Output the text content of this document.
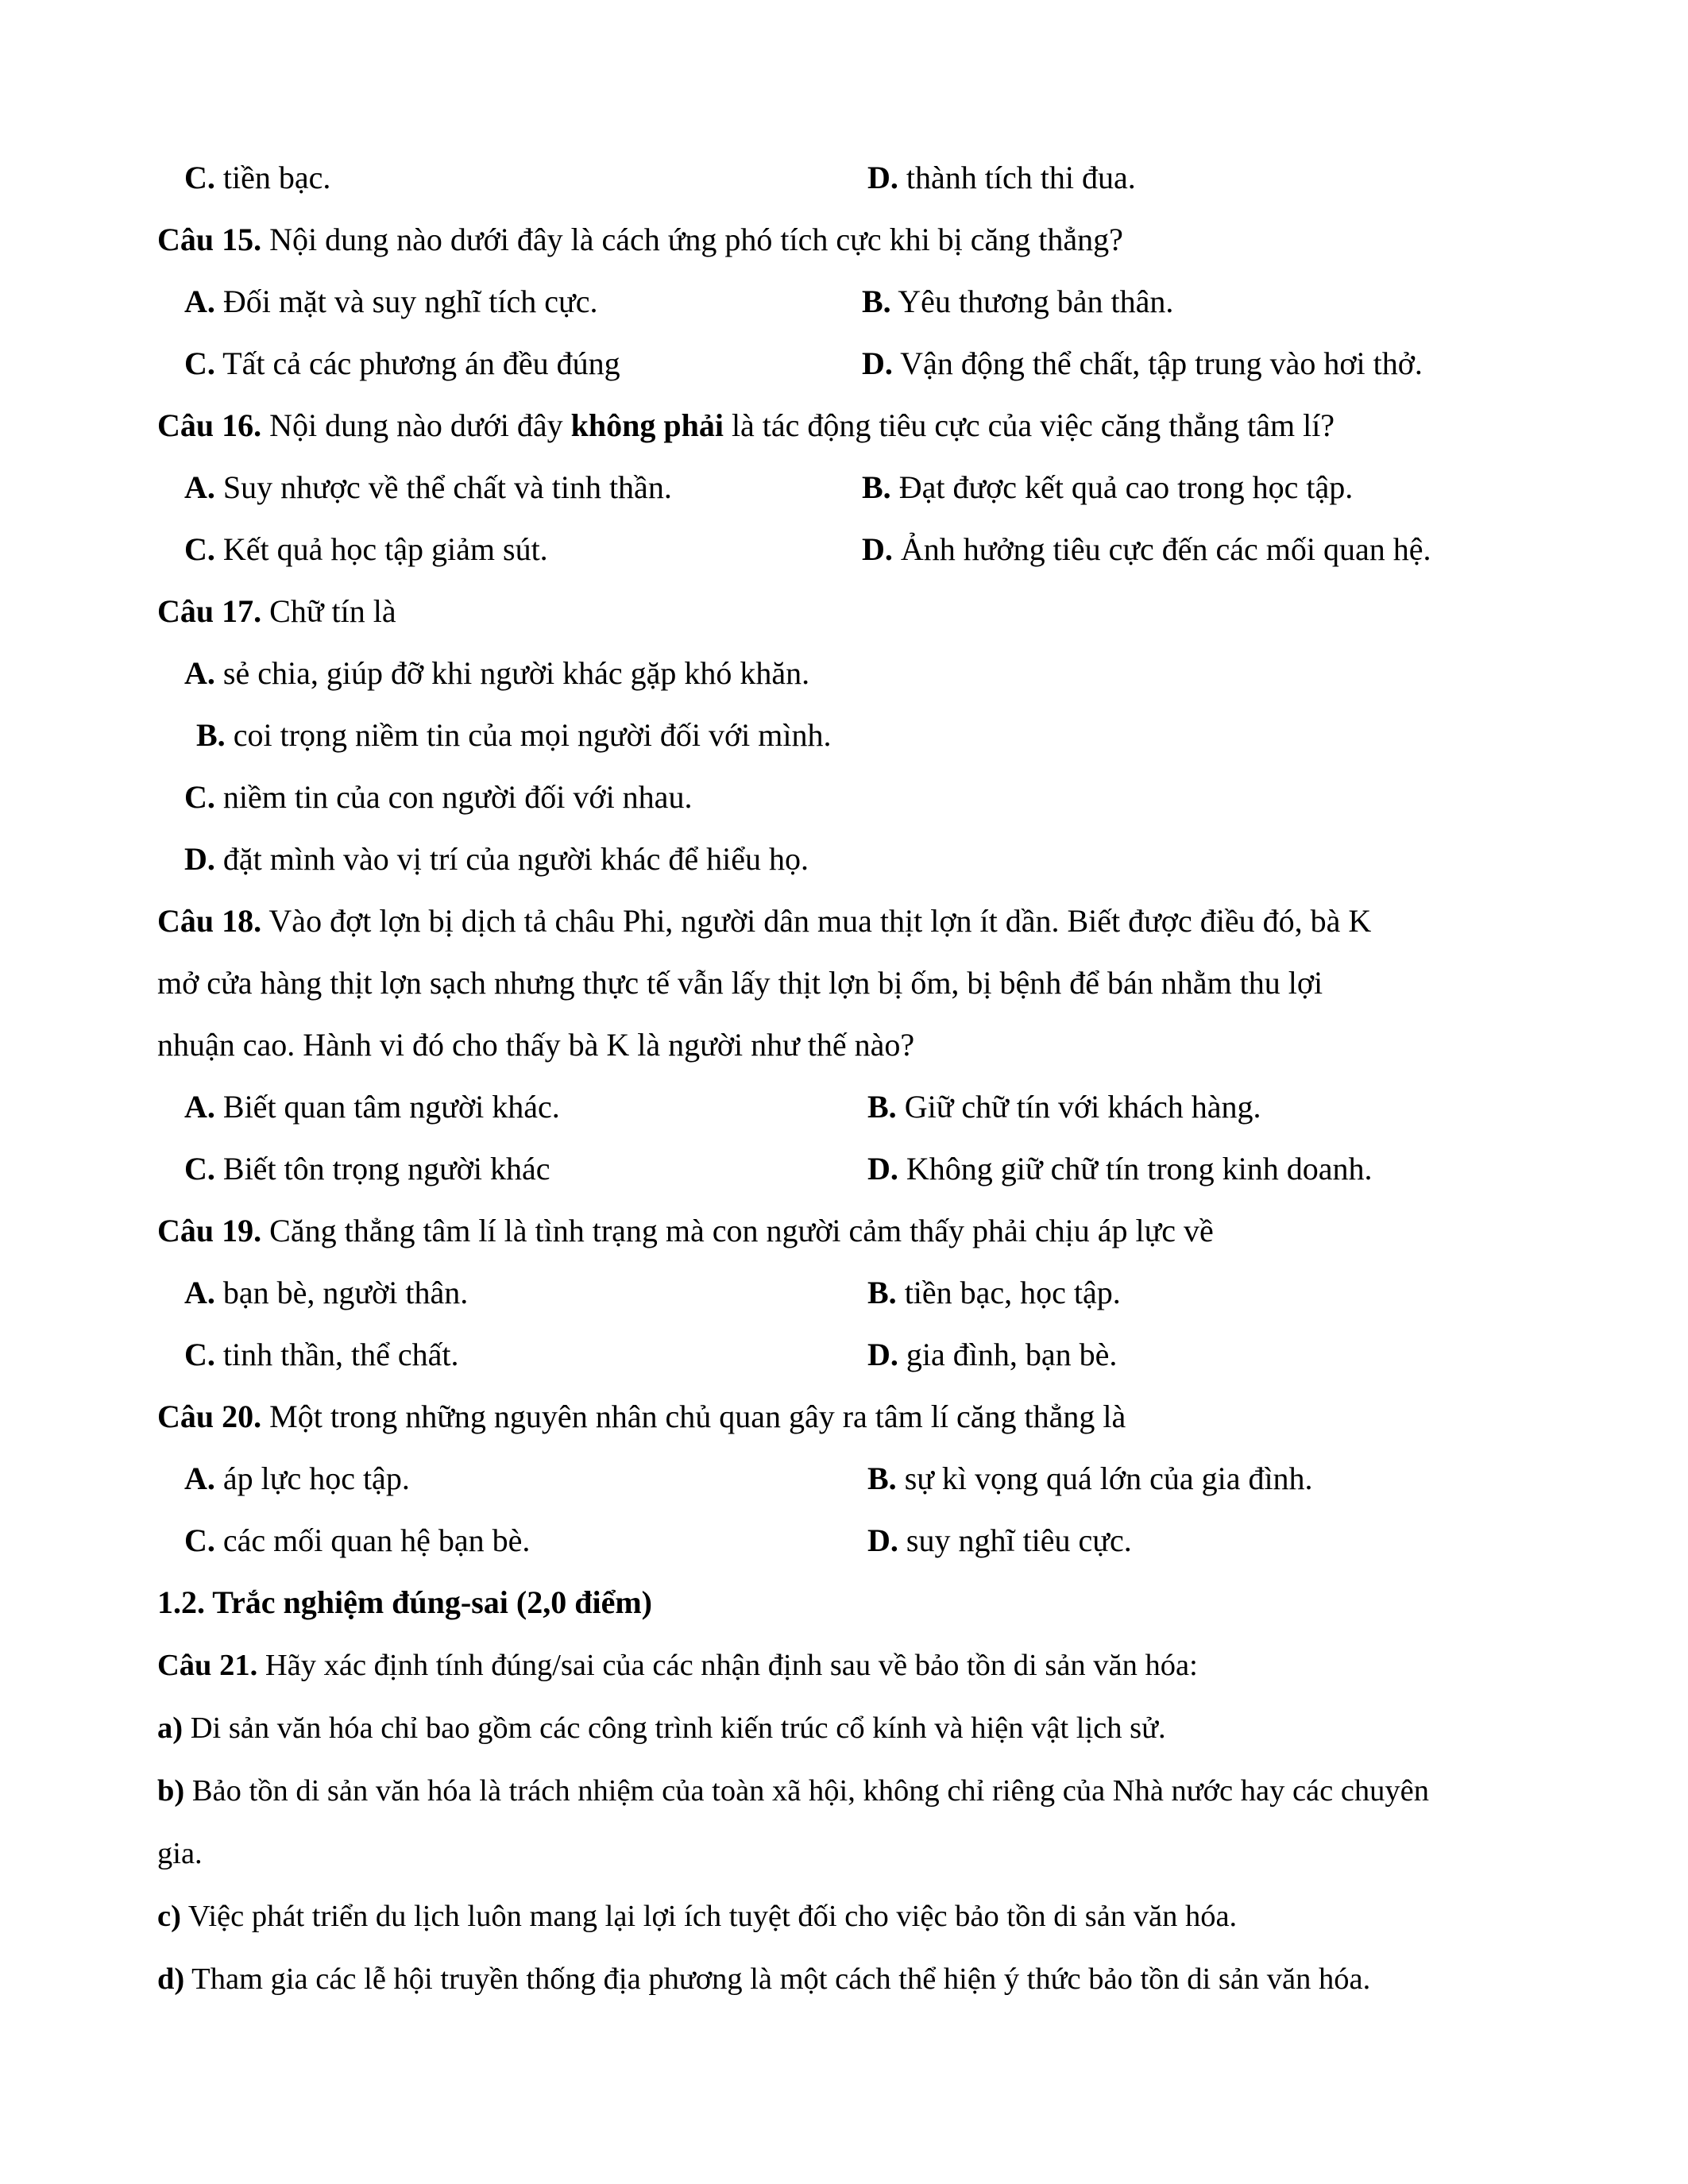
C. tiền bạc.	D. thành tích thi đua.
Câu 15. Nội dung nào dưới đây là cách ứng phó tích cực khi bị căng thẳng?
A. Đối mặt và suy nghĩ tích cực.	B. Yêu thương bản thân.
C. Tất cả các phương án đều đúng	D. Vận động thể chất, tập trung vào hơi thở.
Câu 16. Nội dung nào dưới đây không phải là tác động tiêu cực của việc căng thẳng tâm lí?
A. Suy nhược về thể chất và tinh thần.	B. Đạt được kết quả cao trong học tập.
C. Kết quả học tập giảm sút.	D. Ảnh hưởng tiêu cực đến các mối quan hệ.
Câu 17. Chữ tín là
A. sẻ chia, giúp đỡ khi người khác gặp khó khăn.
B. coi trọng niềm tin của mọi người đối với mình.
C. niềm tin của con người đối với nhau.
D. đặt mình vào vị trí của người khác để hiểu họ.
Câu 18. Vào đợt lợn bị dịch tả châu Phi, người dân mua thịt lợn ít dần. Biết được điều đó, bà K
mở cửa hàng thịt lợn sạch nhưng thực tế vẫn lấy thịt lợn bị ốm, bị bệnh để bán nhằm thu lợi
nhuận cao. Hành vi đó cho thấy bà K là người như thế nào?
A. Biết quan tâm người khác.	B. Giữ chữ tín với khách hàng.
C. Biết tôn trọng người khác	D. Không giữ chữ tín trong kinh doanh.
Câu 19. Căng thẳng tâm lí là tình trạng mà con người cảm thấy phải chịu áp lực về
A. bạn bè, người thân.	B. tiền bạc, học tập.
C. tinh thần, thể chất.	D. gia đình, bạn bè.
Câu 20. Một trong những nguyên nhân chủ quan gây ra tâm lí căng thẳng là
A. áp lực học tập.	B. sự kì vọng quá lớn của gia đình.
C. các mối quan hệ bạn bè.	D. suy nghĩ tiêu cực.
1.2. Trắc nghiệm đúng-sai (2,0 điểm)
Câu 21. Hãy xác định tính đúng/sai của các nhận định sau về bảo tồn di sản văn hóa:
a) Di sản văn hóa chỉ bao gồm các công trình kiến trúc cổ kính và hiện vật lịch sử.
b) Bảo tồn di sản văn hóa là trách nhiệm của toàn xã hội, không chỉ riêng của Nhà nước hay các chuyên
gia.
c) Việc phát triển du lịch luôn mang lại lợi ích tuyệt đối cho việc bảo tồn di sản văn hóa.
d) Tham gia các lễ hội truyền thống địa phương là một cách thể hiện ý thức bảo tồn di sản văn hóa.
